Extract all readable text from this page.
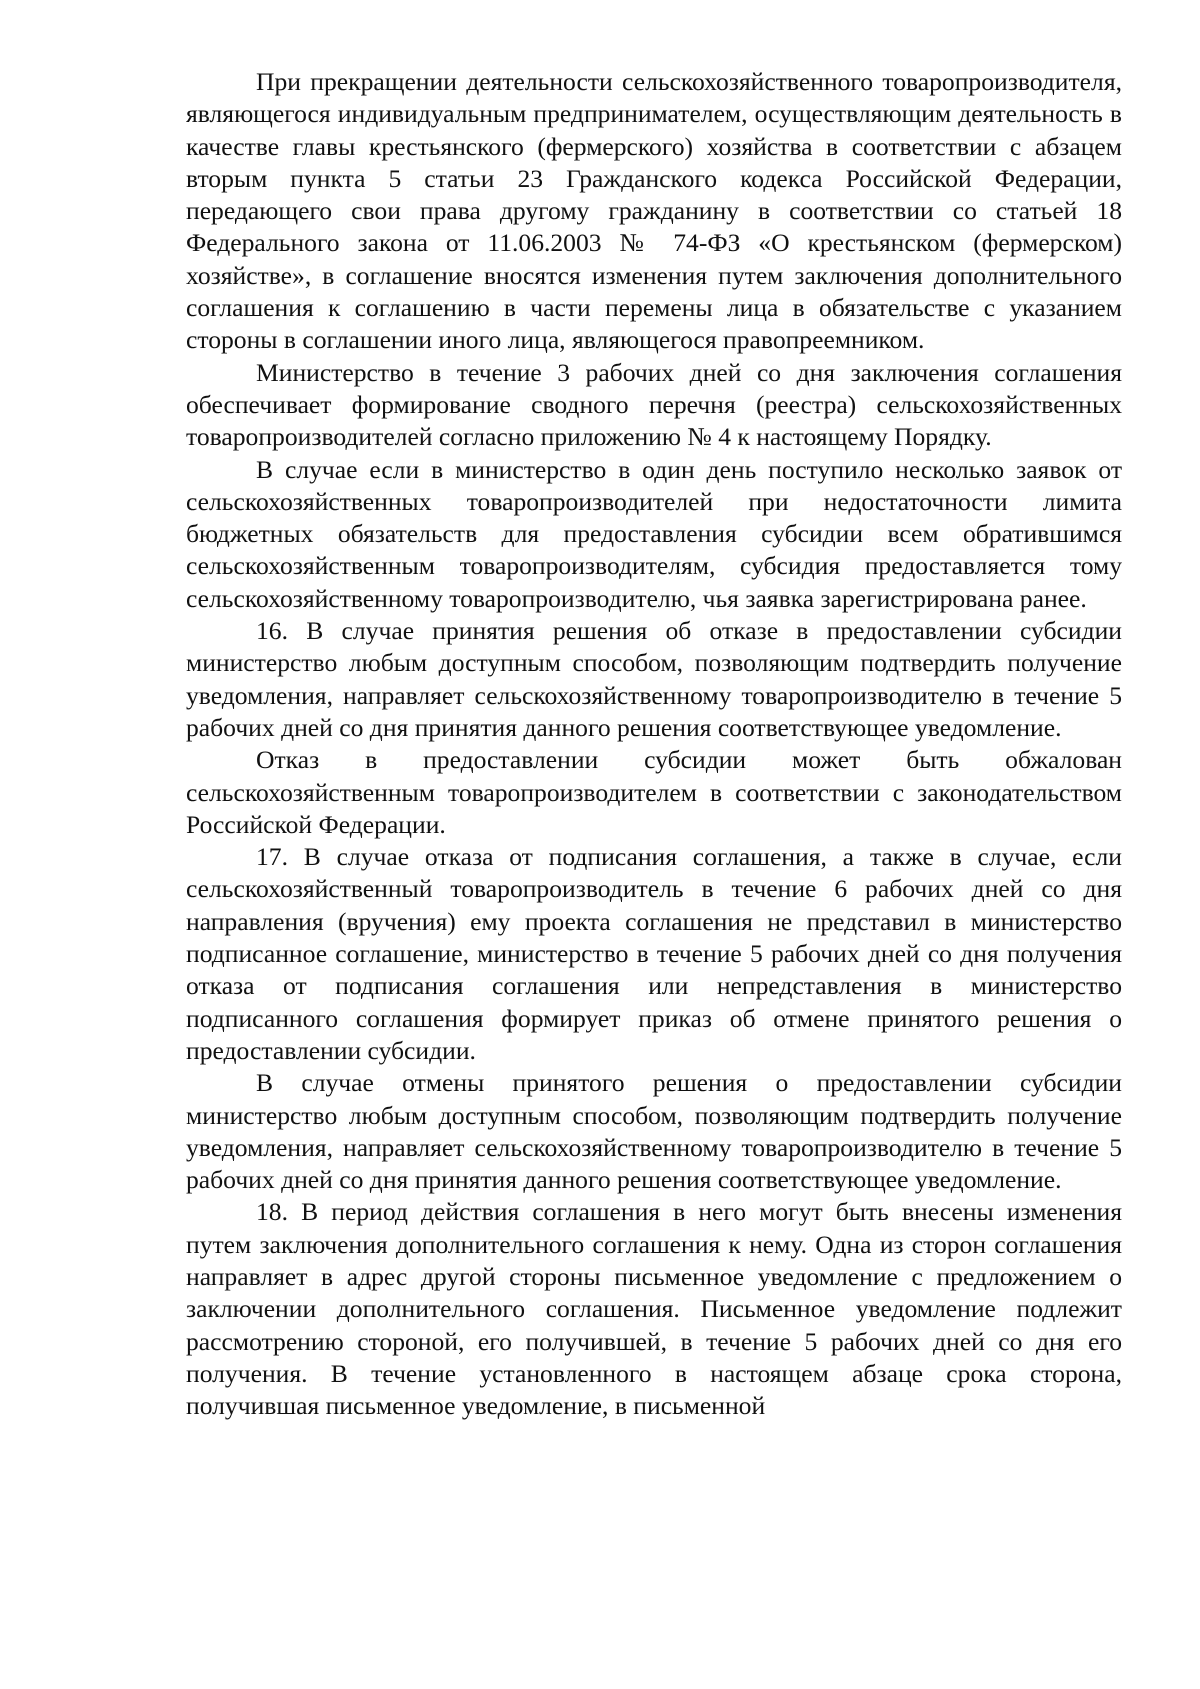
При прекращении деятельности сельскохозяйственного товаропроизводителя, являющегося индивидуальным предпринимателем, осуществляющим деятельность в качестве главы крестьянского (фермерского) хозяйства в соответствии с абзацем вторым пункта 5 статьи 23 Гражданского кодекса Российской Федерации, передающего свои права другому гражданину в соответствии со статьей 18 Федерального закона от 11.06.2003 № 74-ФЗ «О крестьянском (фермерском) хозяйстве», в соглашение вносятся изменения путем заключения дополнительного соглашения к соглашению в части перемены лица в обязательстве с указанием стороны в соглашении иного лица, являющегося правопреемником.

Министерство в течение 3 рабочих дней со дня заключения соглашения обеспечивает формирование сводного перечня (реестра) сельскохозяйственных товаропроизводителей согласно приложению № 4 к настоящему Порядку.

В случае если в министерство в один день поступило несколько заявок от сельскохозяйственных товаропроизводителей при недостаточности лимита бюджетных обязательств для предоставления субсидии всем обратившимся сельскохозяйственным товаропроизводителям, субсидия предоставляется тому сельскохозяйственному товаропроизводителю, чья заявка зарегистрирована ранее.

16. В случае принятия решения об отказе в предоставлении субсидии министерство любым доступным способом, позволяющим подтвердить получение уведомления, направляет сельскохозяйственному товаропроизводителю в течение 5 рабочих дней со дня принятия данного решения соответствующее уведомление.

Отказ в предоставлении субсидии может быть обжалован сельскохозяйственным товаропроизводителем в соответствии с законодательством Российской Федерации.

17. В случае отказа от подписания соглашения, а также в случае, если сельскохозяйственный товаропроизводитель в течение 6 рабочих дней со дня направления (вручения) ему проекта соглашения не представил в министерство подписанное соглашение, министерство в течение 5 рабочих дней со дня получения отказа от подписания соглашения или непредставления в министерство подписанного соглашения формирует приказ об отмене принятого решения о предоставлении субсидии.

В случае отмены принятого решения о предоставлении субсидии министерство любым доступным способом, позволяющим подтвердить получение уведомления, направляет сельскохозяйственному товаропроизводителю в течение 5 рабочих дней со дня принятия данного решения соответствующее уведомление.

18. В период действия соглашения в него могут быть внесены изменения путем заключения дополнительного соглашения к нему. Одна из сторон соглашения направляет в адрес другой стороны письменное уведомление с предложением о заключении дополнительного соглашения. Письменное уведомление подлежит рассмотрению стороной, его получившей, в течение 5 рабочих дней со дня его получения. В течение установленного в настоящем абзаце срока сторона, получившая письменное уведомление, в письменной
